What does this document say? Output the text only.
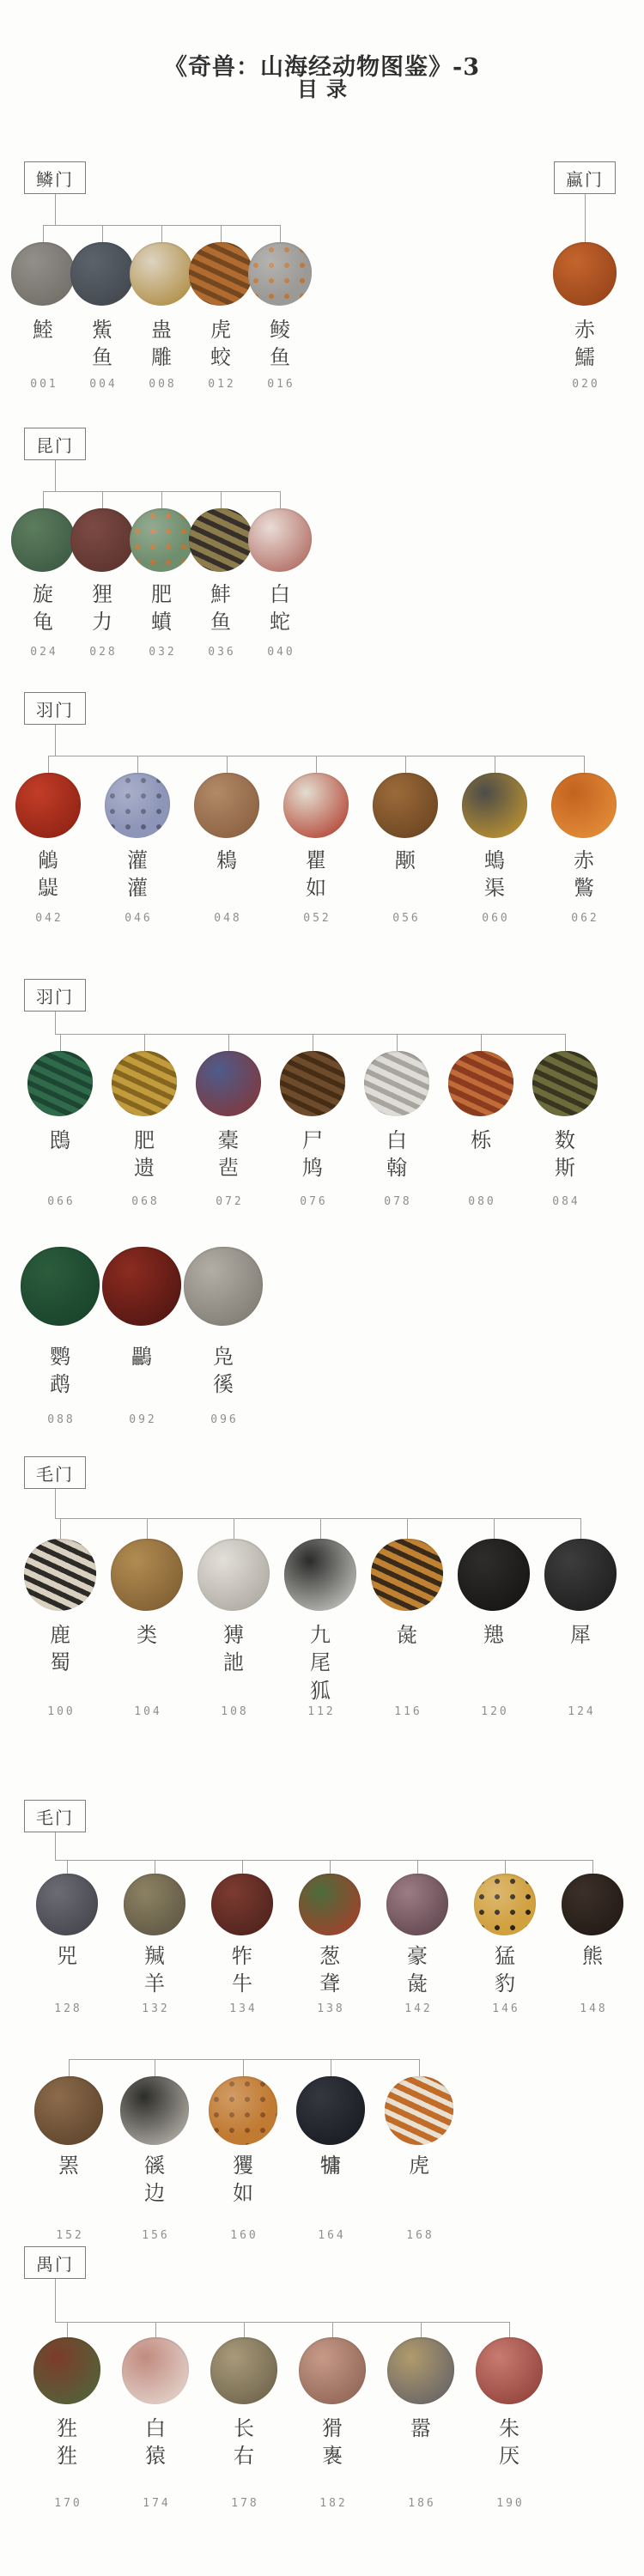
《奇兽：山海经动物图鉴》-3
目录
鳞门
鯥
001
鮆鱼
004
蛊雕
008
虎蛟
012
鲮鱼
016
蠃门
赤鱬
020
昆门
旋龟
024
狸力
028
肥蟦
032
䰷鱼
036
白蛇
040
羽门
𪁺𪂿
042
灌灌
046
鴸
048
瞿如
052
颙
056
䳋渠
060
赤鷩
062
羽门
鴖
066
肥遗
068
橐𩇯
072
尸鸠
076
白翰
078
栎
080
数斯
084
鹦鹉
088
鸓
092
凫徯
096
毛门
鹿蜀
100
类
104
猼訑
108
九尾狐
112
彘
116
䍺
120
犀
124
毛门
兕
128
羬羊
132
㸲牛
134
葱聋
138
豪彘
142
猛豹
146
熊
148
罴
152
豀边
156
玃如
160
𤛑
164
虎
168
禺门
狌狌
170
白猿
174
长右
178
猾褢
182
嚣
186
朱厌
190
